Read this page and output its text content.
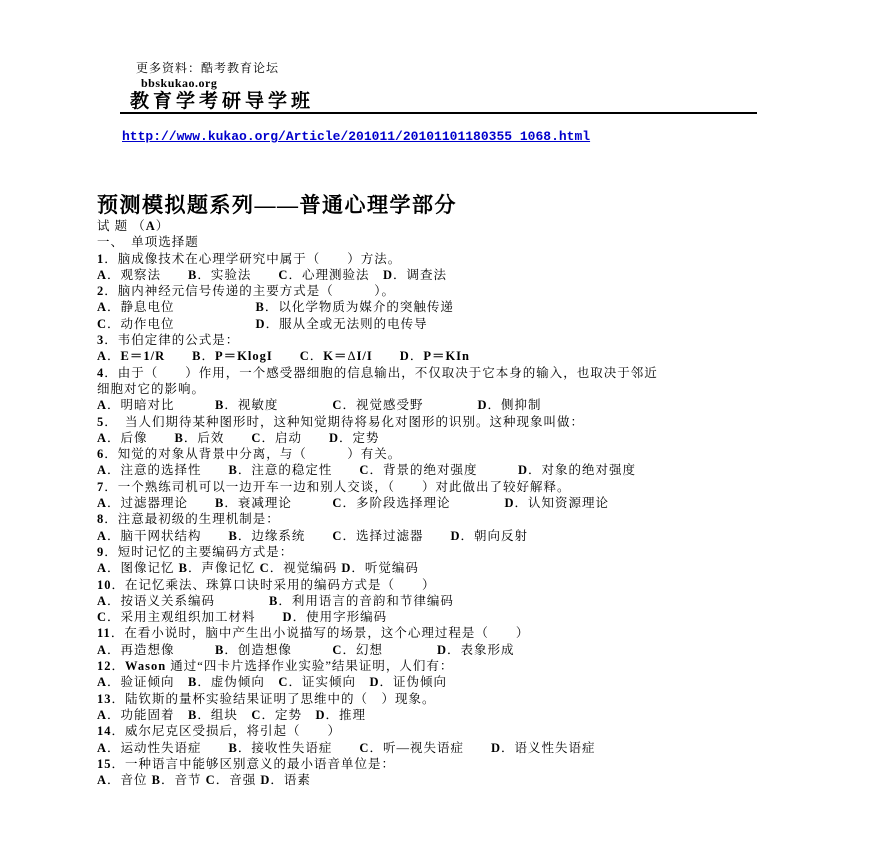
更多资料：酷考教育论坛
bbskukao.org

教育学考研导学班
http://www.kukao.org/Article/201011/20101101180355_1068.html
预测模拟题系列——普通心理学部分
试 题 （A）
一、　单项选择题
1．脑成像技术在心理学研究中属于（　　）方法。
A．观察法　　B．实验法　　C．心理测验法　D．调查法
2．脑内神经元信号传递的主要方式是（　　　）。
A．静息电位　　　　　　B．以化学物质为媒介的突触传递
C．动作电位　　　　　　D．服从全或无法则的电传导
3．韦伯定律的公式是：
A．E＝1/R　　 B．P＝KlogI　　 C．K＝ΔI/I　　 D．P＝KIn
4．由于（　　）作用，一个感受器细胞的信息输出，不仅取决于它本身的输入，也取决于邻近
细胞对它的影响。
A．明暗对比　　　B．视敏度　　　　C．视觉感受野　　　　D．侧抑制
5．　当人们期待某种图形时，这种知觉期待将易化对图形的识别。这种现象叫做：
A．后像　　B．后效　　C．启动　　D．定势
6．知觉的对象从背景中分离，与（　　　）有关。
A．注意的选择性　　B．注意的稳定性　　C．背景的绝对强度　　　D．对象的绝对强度
7．一个熟练司机可以一边开车一边和别人交谈，（　　）对此做出了较好解释。
A．过滤器理论　　B．衰减理论　　　C．多阶段选择理论　　　　D．认知资源理论
8．注意最初级的生理机制是：
A．脑干网状结构　　B．边缘系统　　C．选择过滤器　　D．朝向反射
9．短时记忆的主要编码方式是：
A．图像记忆 B．声像记忆 C．视觉编码 D．听觉编码
10．在记忆乘法、珠算口诀时采用的编码方式是（　　）
A．按语义关系编码　　　　B．利用语言的音韵和节律编码
C．采用主观组织加工材料　　D．使用字形编码
11．在看小说时，脑中产生出小说描写的场景，这个心理过程是（　　）
A．再造想像　　　B．创造想像　　　C．幻想　　　　D．表象形成
12．Wason 通过“四卡片选择作业实验”结果证明，人们有：
A．验证倾向　B．虚伪倾向　C．证实倾向　D．证伪倾向
13．陆钦斯的量杯实验结果证明了思维中的（　）现象。
A．功能固着　B．组块　C．定势　D．推理
14．威尔尼克区受损后，将引起（　　）
A．运动性失语症　　B．接收性失语症　　C．听—视失语症　　D．语义性失语症
15．一种语言中能够区别意义的最小语音单位是：
A．音位 B．音节 C．音强 D．语素
